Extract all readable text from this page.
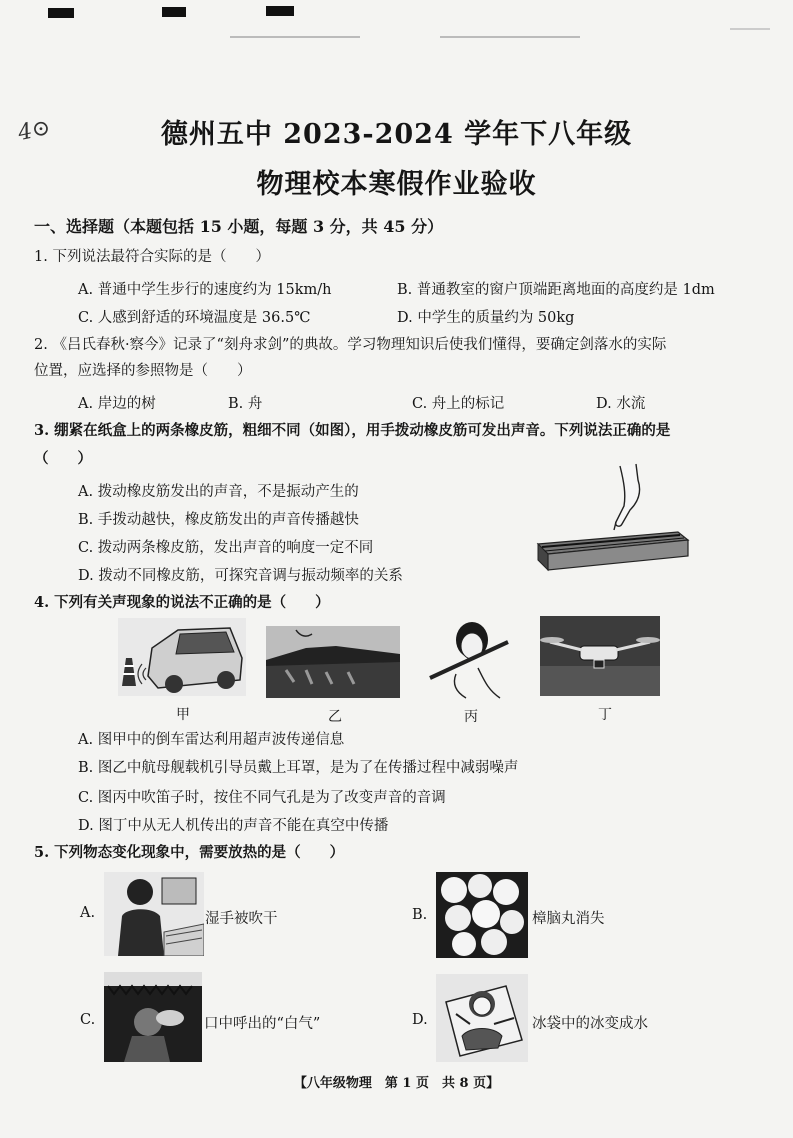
4⊙	德州五中 2023-2024 学年下八年级
物理校本寒假作业验收
一、选择题（本题包括 15 小题，每题 3 分，共 45 分）
1. 下列说法最符合实际的是（　　）
A. 普通中学生步行的速度约为 15km/h	B. 普通教室的窗户顶端距离地面的高度约是 1dm
C. 人感到舒适的环境温度是 36.5℃	D. 中学生的质量约为 50kg
2. 《吕氏春秋·察今》记录了“刻舟求剑”的典故。学习物理知识后使我们懂得，要确定剑落水的实际
位置，应选择的参照物是（　　）
A. 岸边的树	B. 舟	C. 舟上的标记	D. 水流
3. 绷紧在纸盒上的两条橡皮筋，粗细不同（如图），用手拨动橡皮筋可发出声音。下列说法正确的是
（　　）
A. 拨动橡皮筋发出的声音，不是振动产生的
B. 手拨动越快，橡皮筋发出的声音传播越快
C. 拨动两条橡皮筋，发出声音的响度一定不同
D. 拨动不同橡皮筋，可探究音调与振动频率的关系
4. 下列有关声现象的说法不正确的是（　　）
甲	乙	丙	丁
A. 图甲中的倒车雷达利用超声波传递信息
B. 图乙中航母舰载机引导员戴上耳罩，是为了在传播过程中减弱噪声
C. 图丙中吹笛子时，按住不同气孔是为了改变声音的音调
D. 图丁中从无人机传出的声音不能在真空中传播
5. 下列物态变化现象中，需要放热的是（　　）
A.	湿手被吹干	B.	樟脑丸消失
C.	口中呼出的“白气”	D.	冰袋中的冰变成水
【八年级物理　第 1 页　共 8 页】
